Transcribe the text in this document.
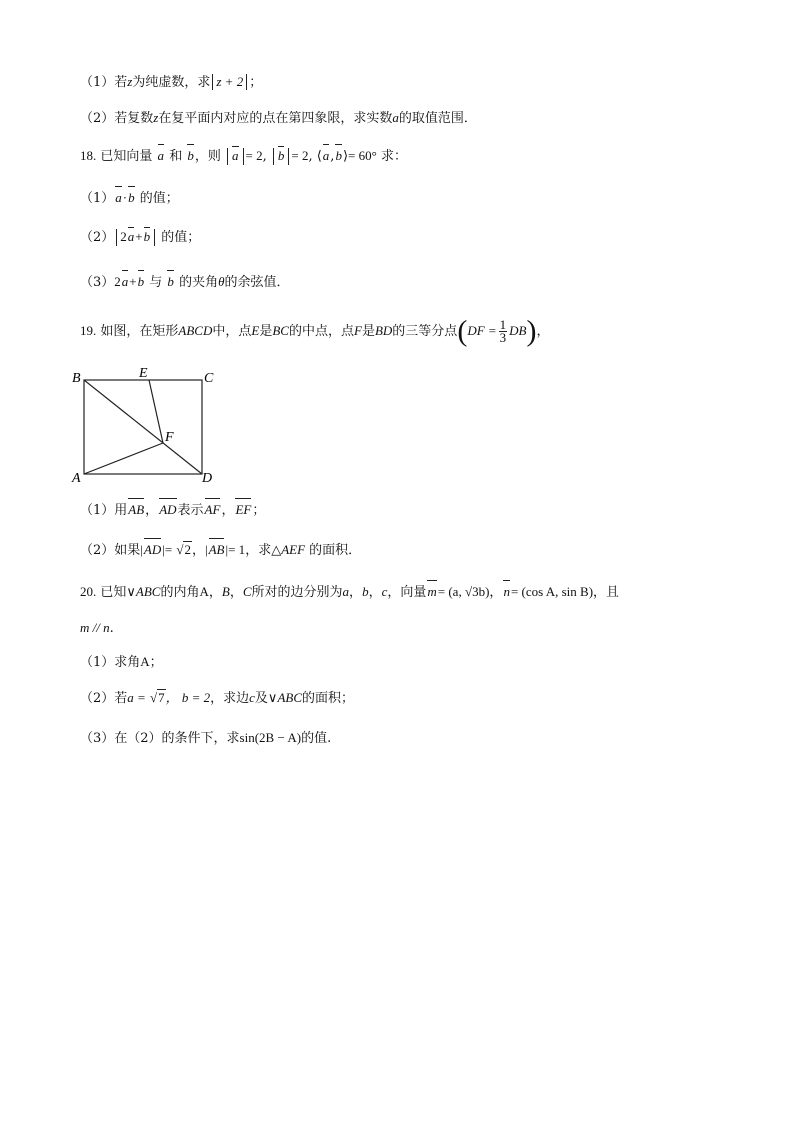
（1）若z为纯虚数，求 z + 2 ；
（2）若复数z在复平面内对应的点在第四象限，求实数a的取值范围．
18. 已知向量 a 和 b，则 a = 2, b = 2, ⟨a,b⟩= 60° 求：
（1）a·b 的值；
（2） 2a+b 的值；
（3）2a+b 与 b 的夹角θ的余弦值．
19. 如图，在矩形ABCD中，点E是BC的中点，点F是BD的三等分点$(DF = \frac{1}{3} DB)$，
B	E	C
F
A	D
（1）用AB，AD表示AF，EF；
（2）如果|AD|= √2，|AB|= 1，求△AEF 的面积．
20. 已知∨ABC的内角A，B，C所对的边分别为a，b，c，向量m= (a, √3b)，n= (cos A, sin B)，且
m // n.
（1）求角A；
（2）若a = √7， b = 2，求边c及∨ABC的面积；
（3）在（2）的条件下，求sin(2B − A)的值.
